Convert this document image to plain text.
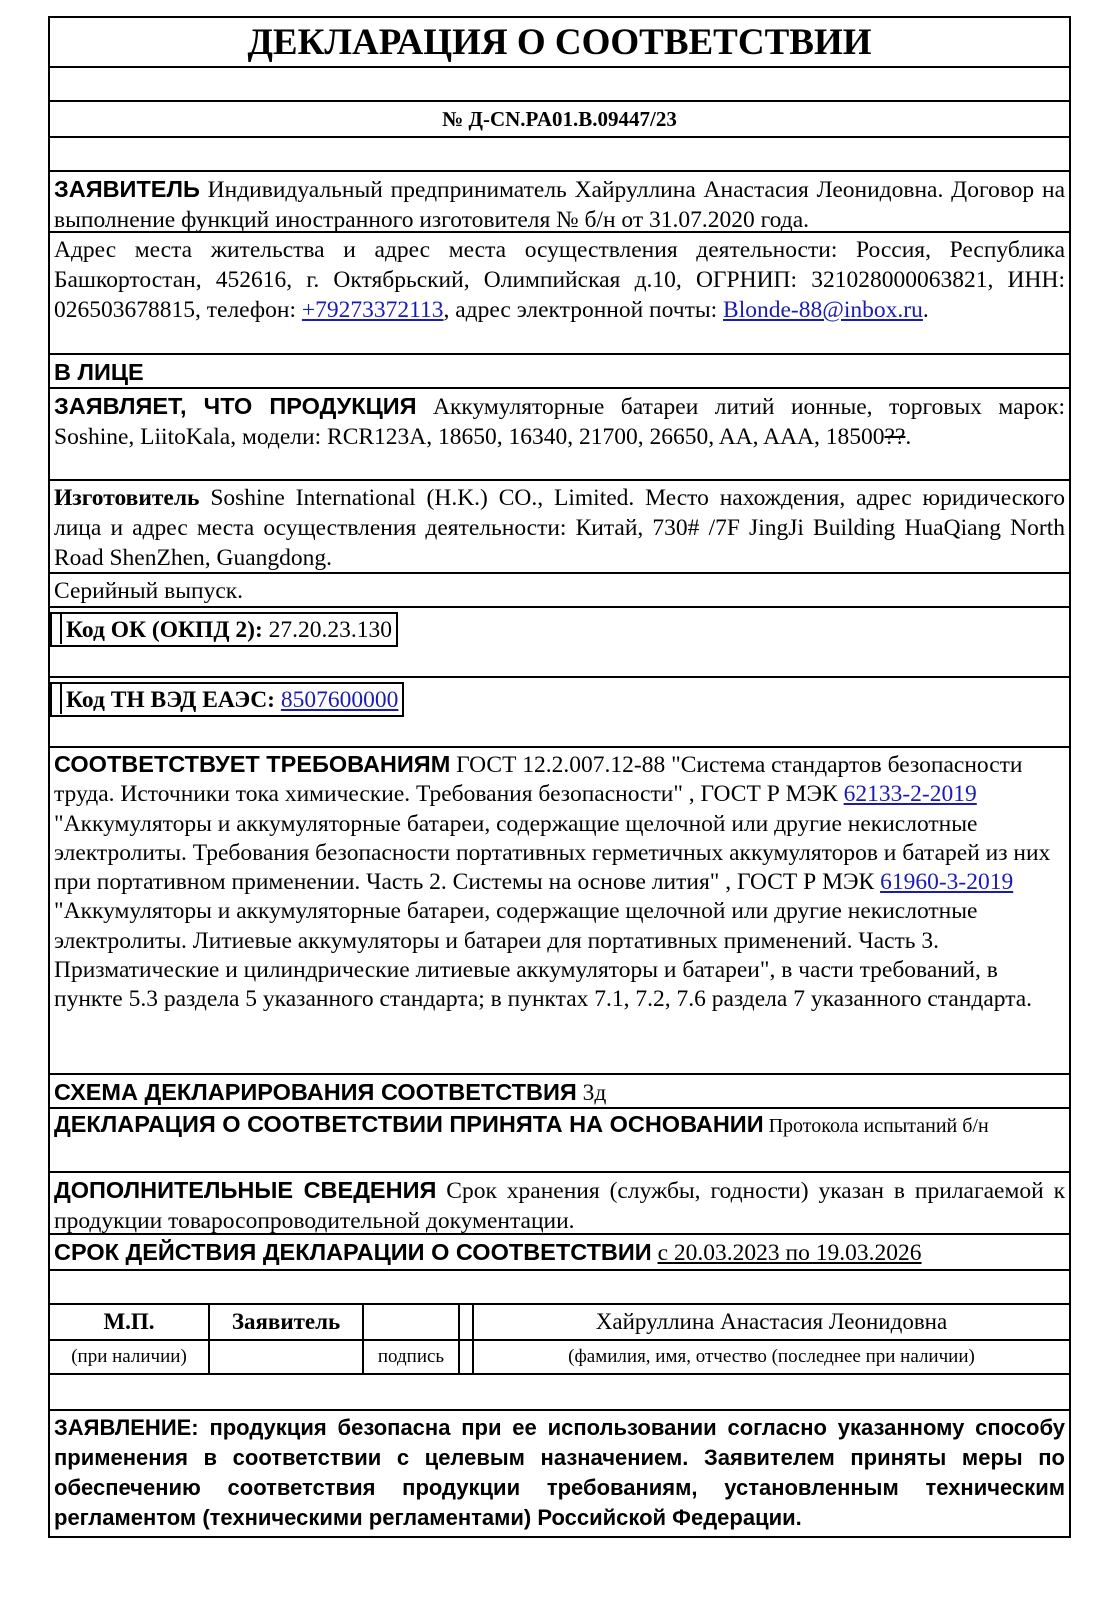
ДЕКЛАРАЦИЯ О СООТВЕТСТВИИ
№ Д-CN.PA01.B.09447/23
ЗАЯВИТЕЛЬ Индивидуальный предприниматель Хайруллина Анастасия Леонидовна. Договор на выполнение функций иностранного изготовителя № б/н от 31.07.2020 года.
Адрес места жительства и адрес места осуществления деятельности: Россия, Республика Башкортостан, 452616, г. Октябрьский, Олимпийская д.10, ОГРНИП: 321028000063821, ИНН: 026503678815, телефон: +79273372113, адрес электронной почты: Blonde-88@inbox.ru.
В ЛИЦЕ
ЗАЯВЛЯЕТ, ЧТО ПРОДУКЦИЯ Аккумуляторные батареи литий ионные, торговых марок: Soshine, LiitoKala, модели: RCR123A, 18650, 16340, 21700, 26650, AA, AAA, 18500??.
Изготовитель Soshine International (H.K.) CO., Limited. Место нахождения, адрес юридического лица и адрес места осуществления деятельности: Китай, 730# /7F JingJi Building HuaQiang North Road ShenZhen, Guangdong.
Серийный выпуск.
Код ОК (ОКПД 2): 27.20.23.130
Код ТН ВЭД ЕАЭС: 8507600000
СООТВЕТСТВУЕТ ТРЕБОВАНИЯМ ГОСТ 12.2.007.12-88 "Система стандартов безопасности труда. Источники тока химические. Требования безопасности" , ГОСТ Р МЭК 62133-2-2019 "Аккумуляторы и аккумуляторные батареи, содержащие щелочной или другие некислотные электролиты. Требования безопасности портативных герметичных аккумуляторов и батарей из них при портативном применении. Часть 2. Системы на основе лития" , ГОСТ Р МЭК 61960-3-2019 "Аккумуляторы и аккумуляторные батареи, содержащие щелочной или другие некислотные электролиты. Литиевые аккумуляторы и батареи для портативных применений. Часть 3. Призматические и цилиндрические литиевые аккумуляторы и батареи", в части требований, в пункте 5.3 раздела 5 указанного стандарта; в пунктах 7.1, 7.2, 7.6 раздела 7 указанного стандарта.
СХЕМА ДЕКЛАРИРОВАНИЯ СООТВЕТСТВИЯ 3д
ДЕКЛАРАЦИЯ О СООТВЕТСТВИИ ПРИНЯТА НА ОСНОВАНИИ Протокола испытаний б/н
ДОПОЛНИТЕЛЬНЫЕ СВЕДЕНИЯ Срок хранения (службы, годности) указан в прилагаемой к продукции товаросопроводительной документации.
СРОК ДЕЙСТВИЯ ДЕКЛАРАЦИИ О СООТВЕТСТВИИ с 20.03.2023 по 19.03.2026
М.П.	Заявитель			Хайруллина Анастасия Леонидовна
(при наличии)		подпись		(фамилия, имя, отчество (последнее при наличии)
ЗАЯВЛЕНИЕ: продукция безопасна при ее использовании согласно указанному способу применения в соответствии с целевым назначением. Заявителем приняты меры по обеспечению соответствия продукции требованиям, установленным техническим регламентом (техническими регламентами) Российской Федерации.
